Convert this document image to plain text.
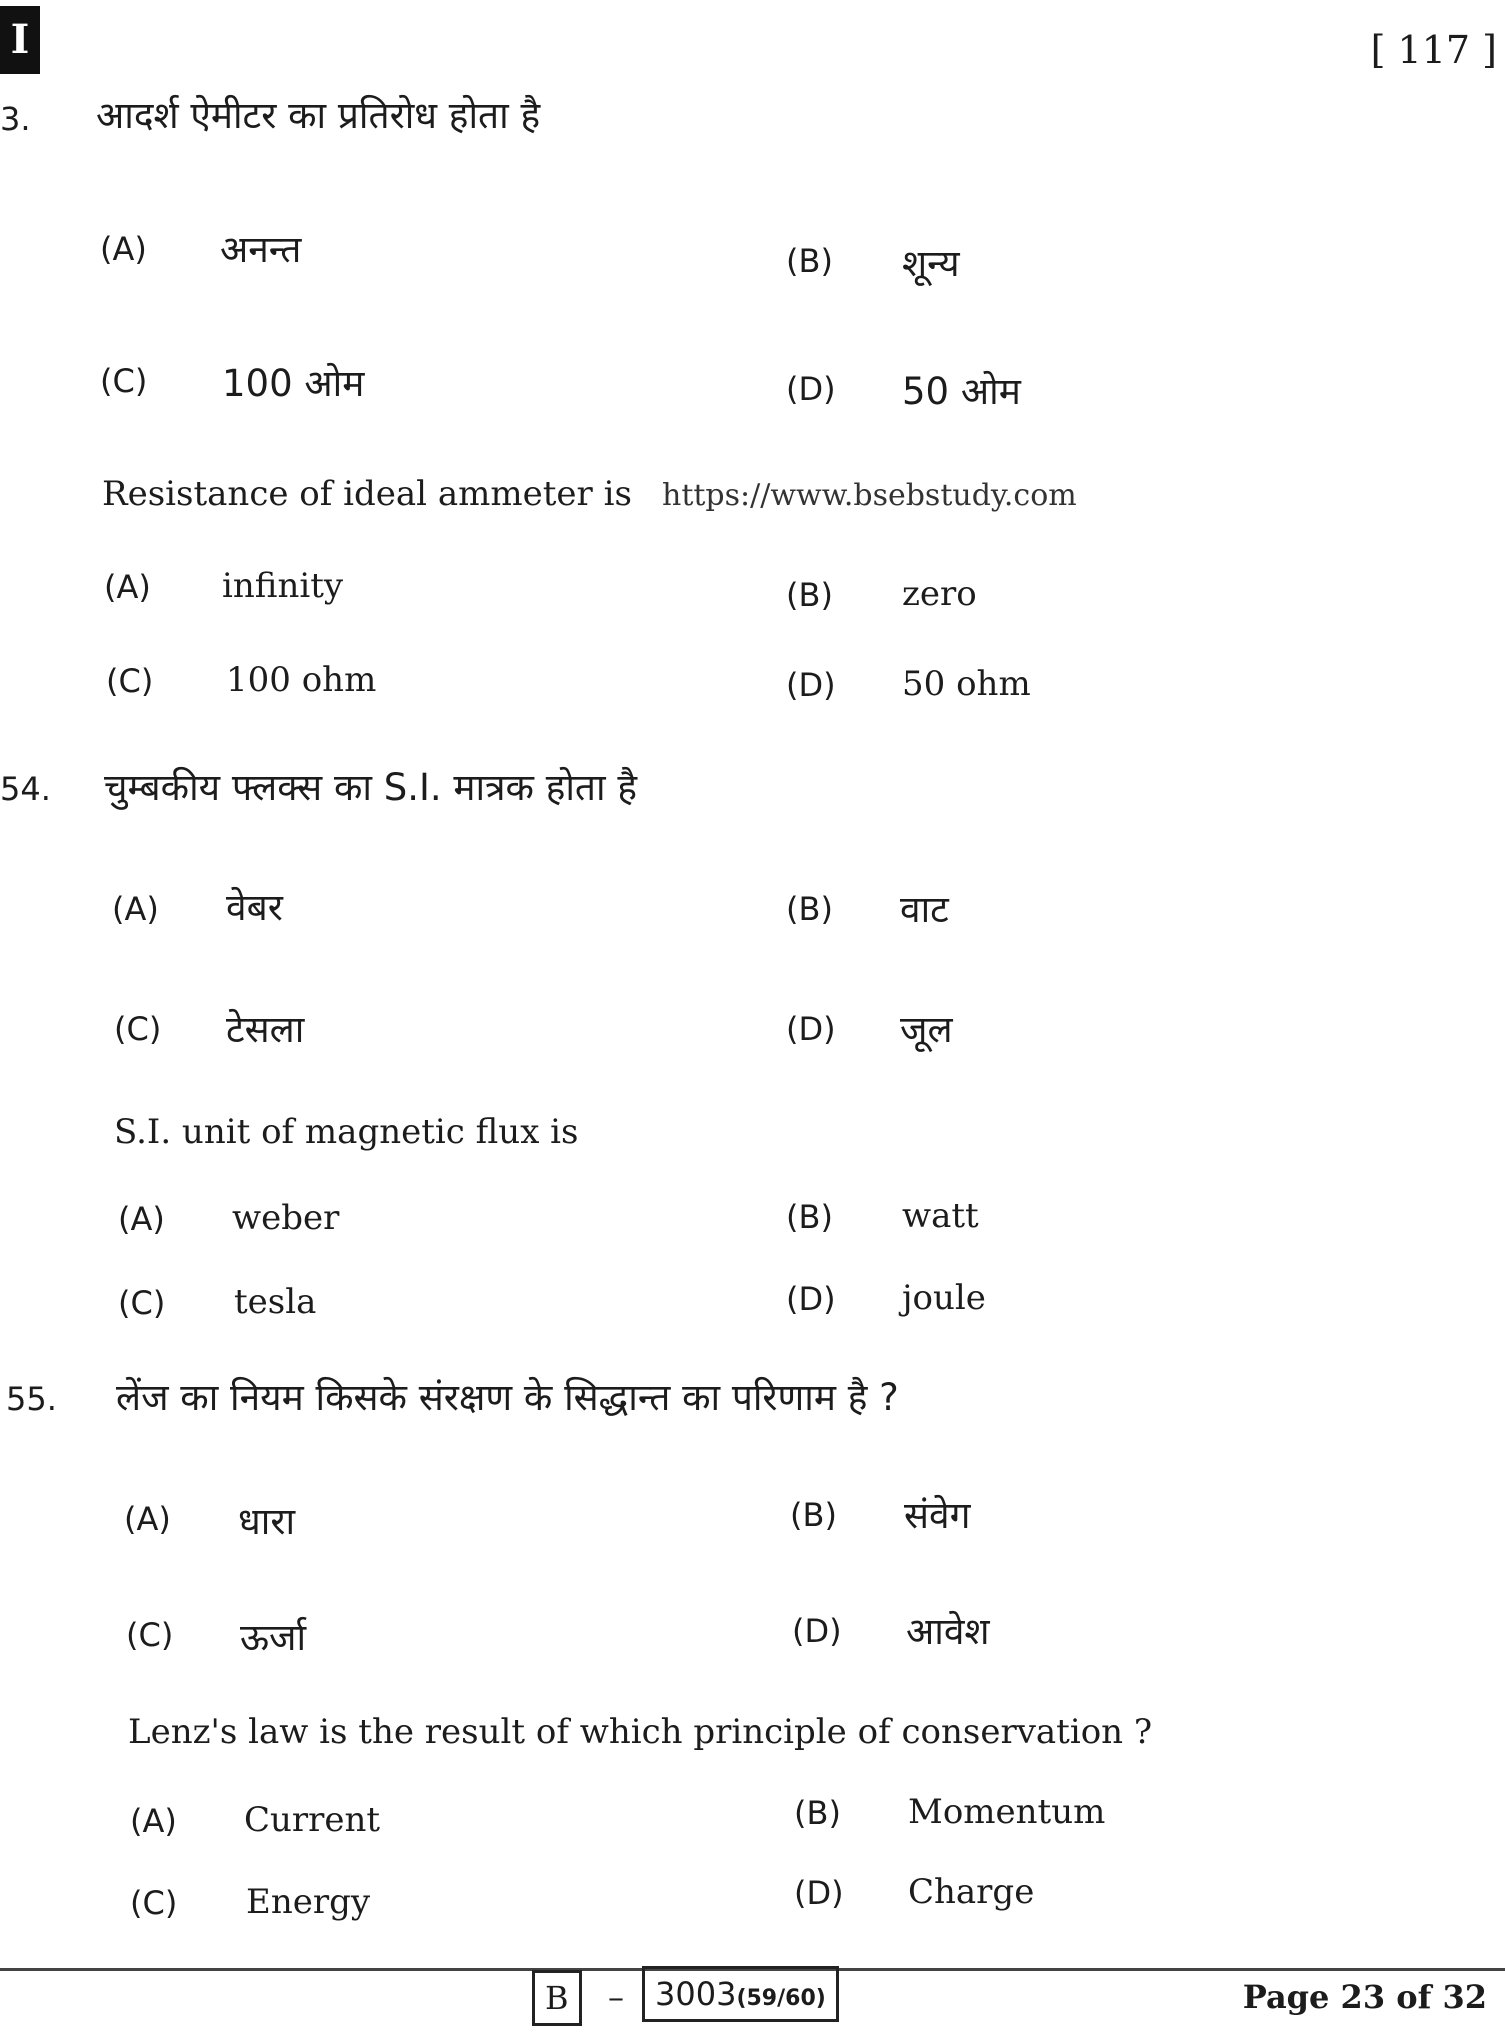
I	[ 117 ]
3. आदर्श ऐमीटर का प्रतिरोध होता है
(A) अनन्त	(B) शून्य
(C) 100 ओम	(D) 50 ओम
Resistance of ideal ammeter is https://www.bsebstudy.com
(A) infinity	(B) zero
(C) 100 ohm	(D) 50 ohm
54. चुम्बकीय फ्लक्स का S.I. मात्रक होता है
(A) वेबर	(B) वाट
(C) टेसला	(D) जूल
S.I. unit of magnetic flux is
(A) weber	(B) watt
(C) tesla	(D) joule
55. लेंज का नियम किसके संरक्षण के सिद्धान्त का परिणाम है ?
(A) धारा	(B) संवेग
(C) ऊर्जा	(D) आवेश
Lenz's law is the result of which principle of conservation ?
(A) Current	(B) Momentum
(C) Energy	(D) Charge
B	– 3003(59/60)	Page 23 of 32
